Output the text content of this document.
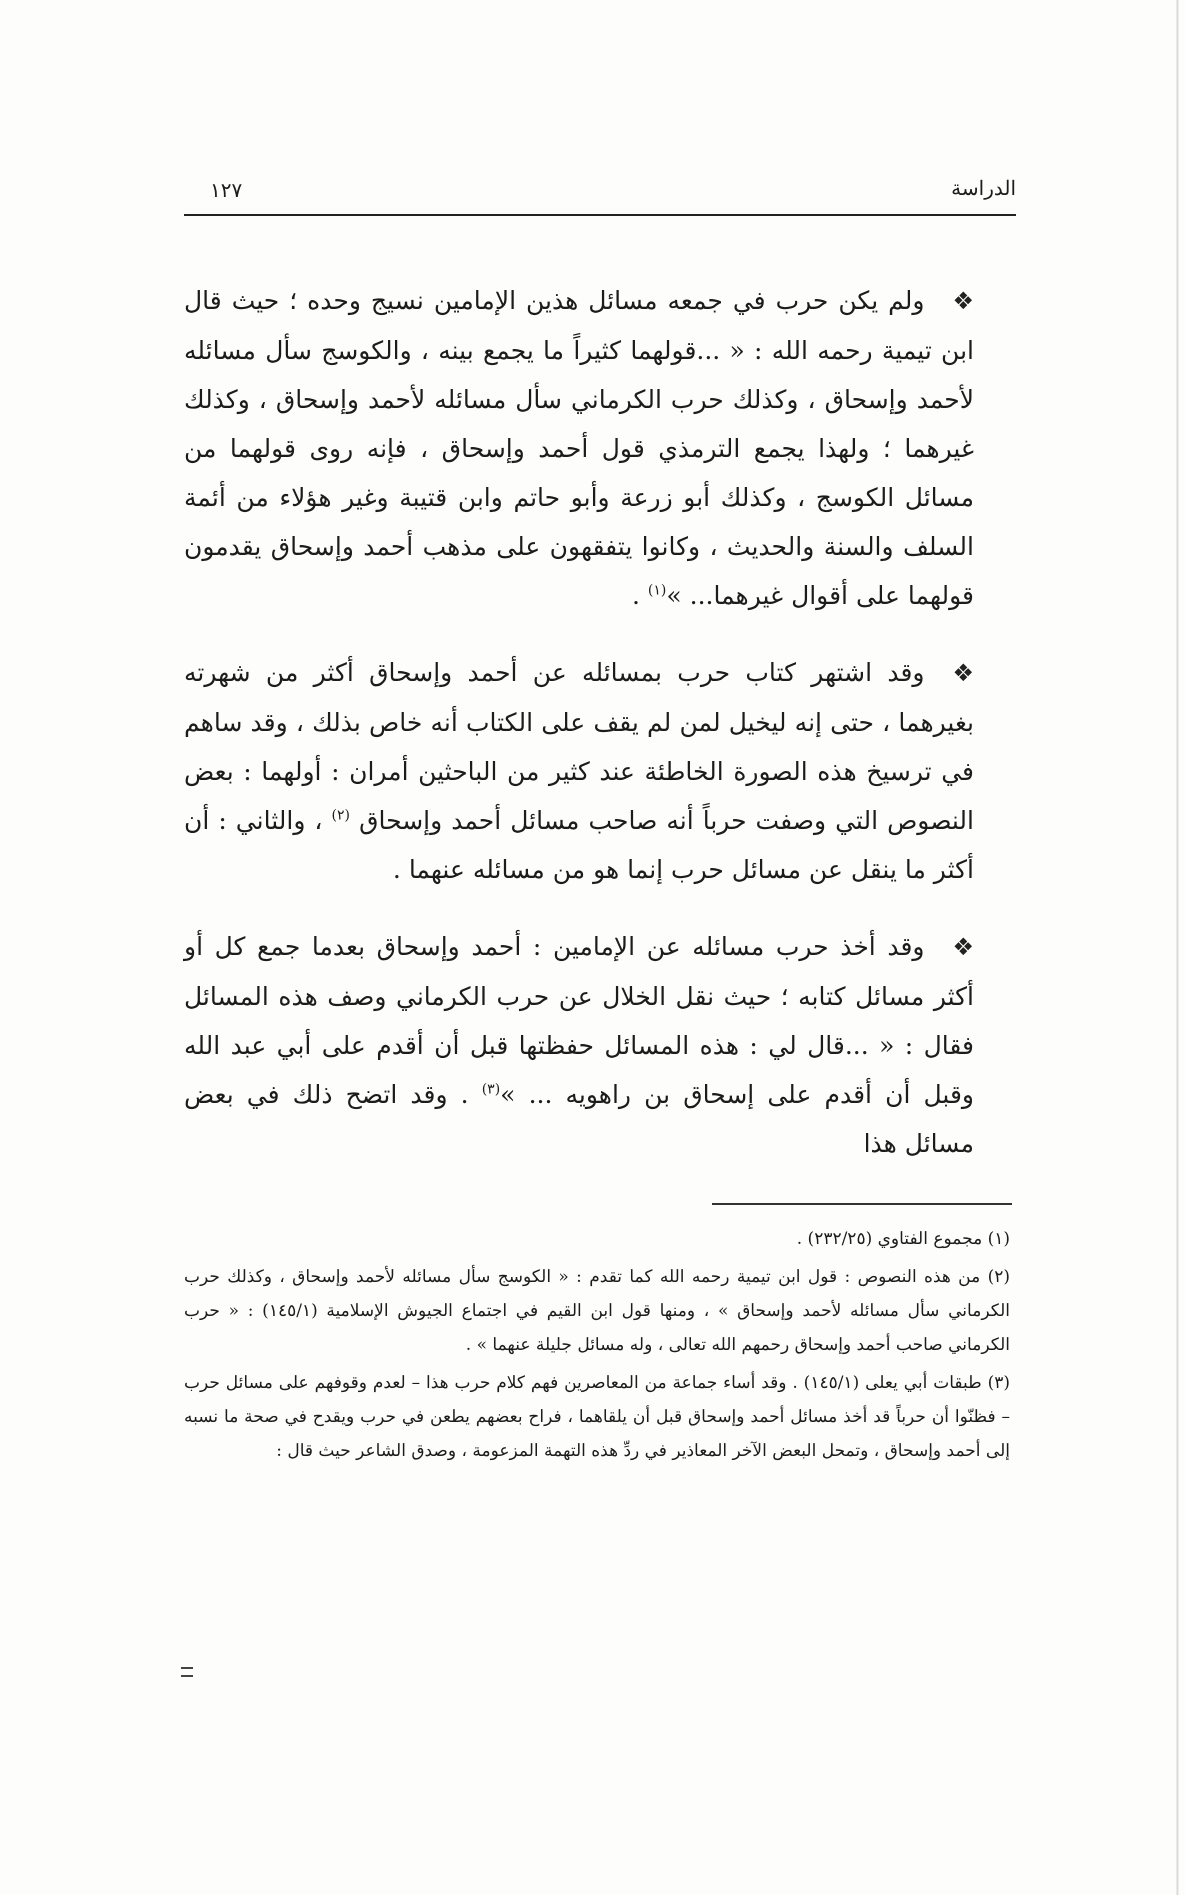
الدراسة
١٢٧

❖ولم يكن حرب في جمعه مسائل هذين الإمامين نسيج وحده ؛ حيث قال ابن تيمية رحمه الله : « ...قولهما كثيراً ما يجمع بينه ، والكوسج سأل مسائله لأحمد وإسحاق ، وكذلك حرب الكرماني سأل مسائله لأحمد وإسحاق ، وكذلك غيرهما ؛ ولهذا يجمع الترمذي قول أحمد وإسحاق ، فإنه روى قولهما من مسائل الكوسج ، وكذلك أبو زرعة وأبو حاتم وابن قتيبة وغير هؤلاء من أئمة السلف والسنة والحديث ، وكانوا يتفقهون على مذهب أحمد وإسحاق يقدمون قولهما على أقوال غيرهما... »$^{(١)}$ .

❖وقد اشتهر كتاب حرب بمسائله عن أحمد وإسحاق أكثر من شهرته بغيرهما ، حتى إنه ليخيل لمن لم يقف على الكتاب أنه خاص بذلك ، وقد ساهم في ترسيخ هذه الصورة الخاطئة عند كثير من الباحثين أمران : أولهما : بعض النصوص التي وصفت حرباً أنه صاحب مسائل أحمد وإسحاق $^{(٢)}$ ، والثاني : أن أكثر ما ينقل عن مسائل حرب إنما هو من مسائله عنهما .

❖وقد أخذ حرب مسائله عن الإمامين : أحمد وإسحاق بعدما جمع كل أو أكثر مسائل كتابه ؛ حيث نقل الخلال عن حرب الكرماني وصف هذه المسائل فقال : « ...قال لي : هذه المسائل حفظتها قبل أن أقدم على أبي عبد الله وقبل أن أقدم على إسحاق بن راهويه ... »$^{(٣)}$ . وقد اتضح ذلك في بعض مسائل هذا

(١) مجموع الفتاوي (٢٣٢/٢٥) .

(٢) من هذه النصوص : قول ابن تيمية رحمه الله كما تقدم : « الكوسج سأل مسائله لأحمد وإسحاق ، وكذلك حرب الكرماني سأل مسائله لأحمد وإسحاق » ، ومنها قول ابن القيم في اجتماع الجيوش الإسلامية (١٤٥/١) : « حرب الكرماني صاحب أحمد وإسحاق رحمهم الله تعالى ، وله مسائل جليلة عنهما » .

(٣) طبقات أبي يعلى (١٤٥/١) . وقد أساء جماعة من المعاصرين فهم كلام حرب هذا – لعدم وقوفهم على مسائل حرب – فظنّوا أن حرباً قد أخذ مسائل أحمد وإسحاق قبل أن يلقاهما ، فراح بعضهم يطعن في حرب ويقدح في صحة ما نسبه إلى أحمد وإسحاق ، وتمحل البعض الآخر المعاذير في ردِّ هذه التهمة المزعومة ، وصدق الشاعر حيث قال :
